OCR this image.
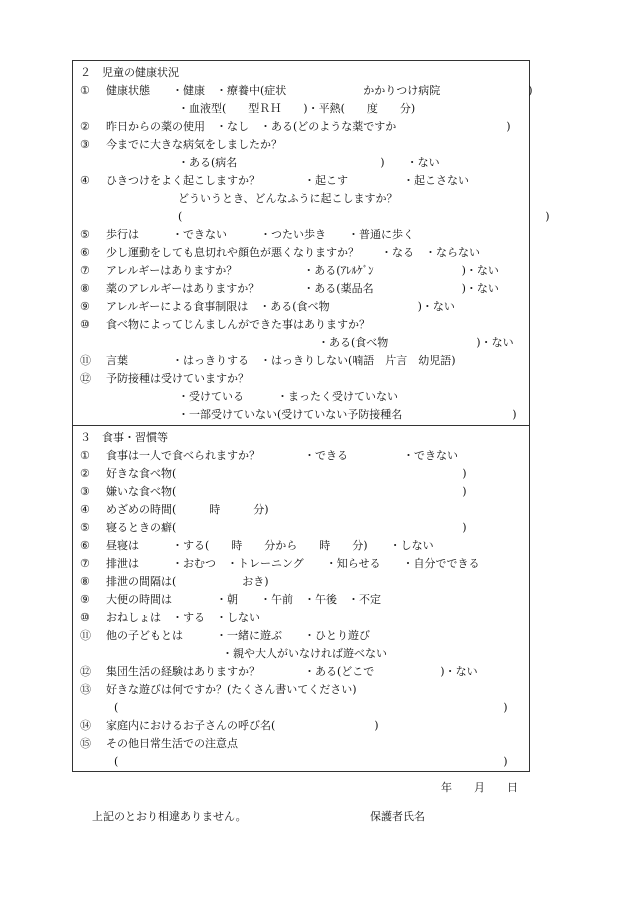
２　児童の健康状況
① 健康状態　　・健康　・療養中(症状　　　　　　　かかりつけ病院　　　　　　　　)
・血液型(　　型ＲＨ　　)・平熱(　　度　　分)
② 昨日からの薬の使用　・なし　・ある(どのような薬ですか　　　　　　　　　　)
③ 今までに大きな病気をしましたか？
・ある(病名　　　　　　　　　　　　　)　　・ない
④ ひきつけをよく起こしますか？　　　　・起こす　　　　　・起こさない
どういうとき、どんなふうに起こしますか？
(　　　　　　　　　　　　　　　　　　　　　　　　　　　　　　　　　)
⑤ 歩行は　　　・できない　　　・つたい歩き　　・普通に歩く
⑥ 少し運動をしても息切れや顔色が悪くなりますか？　　・なる　・ならない
⑦ アレルギーはありますか？　　　　　　・ある(ｱﾚﾙｹﾞﾝ　　　　　　　　)・ない
⑧ 薬のアレルギーはありますか？　　　　・ある(薬品名　　　　　　　　)・ない
⑨ アレルギーによる食事制限は　・ある(食べ物　　　　　　　　)・ない
⑩ 食べ物によってじんましんができた事はありますか？
・ある(食べ物　　　　　　　　)・ない
⑪ 言葉　　　　・はっきりする　・はっきりしない(喃語　片言　幼児語)
⑫ 予防接種は受けていますか？
・受けている　　　・まったく受けていない
・一部受けていない(受けていない予防接種名　　　　　　　　　　)
３　食事・習慣等
① 食事は一人で食べられますか？　　　　・できる　　　　　・できない
② 好きな食べ物(　　　　　　　　　　　　　　　　　　　　　　　　　　)
③ 嫌いな食べ物(　　　　　　　　　　　　　　　　　　　　　　　　　　)
④ めざめの時間(　　　時　　　分)
⑤ 寝るときの癖(　　　　　　　　　　　　　　　　　　　　　　　　　　)
⑥ 昼寝は　　　・する(　　時　　分から　　時　　分)　　・しない
⑦ 排泄は　　　・おむつ　・トレーニング　　・知らせる　　・自分でできる
⑧ 排泄の間隔は(　　　　　　おき)
⑨ 大便の時間は　　　　・朝　　・午前　・午後　・不定
⑩ おねしょは　・する　・しない
⑪ 他の子どもとは　　　・一緒に遊ぶ　　・ひとり遊び
・親や大人がいなければ遊べない
⑫ 集団生活の経験はありますか？　　　　・ある(どこで　　　　　　)・ない
⑬ 好きな遊びは何ですか？(たくさん書いてください)
(　　　　　　　　　　　　　　　　　　　　　　　　　　　　　　　　　　　)
⑭ 家庭内におけるお子さんの呼び名(　　　　　　　　　)
⑮ その他日常生活での注意点
(　　　　　　　　　　　　　　　　　　　　　　　　　　　　　　　　　　　)
年　　月　　日
上記のとおり相違ありません。	保護者氏名
